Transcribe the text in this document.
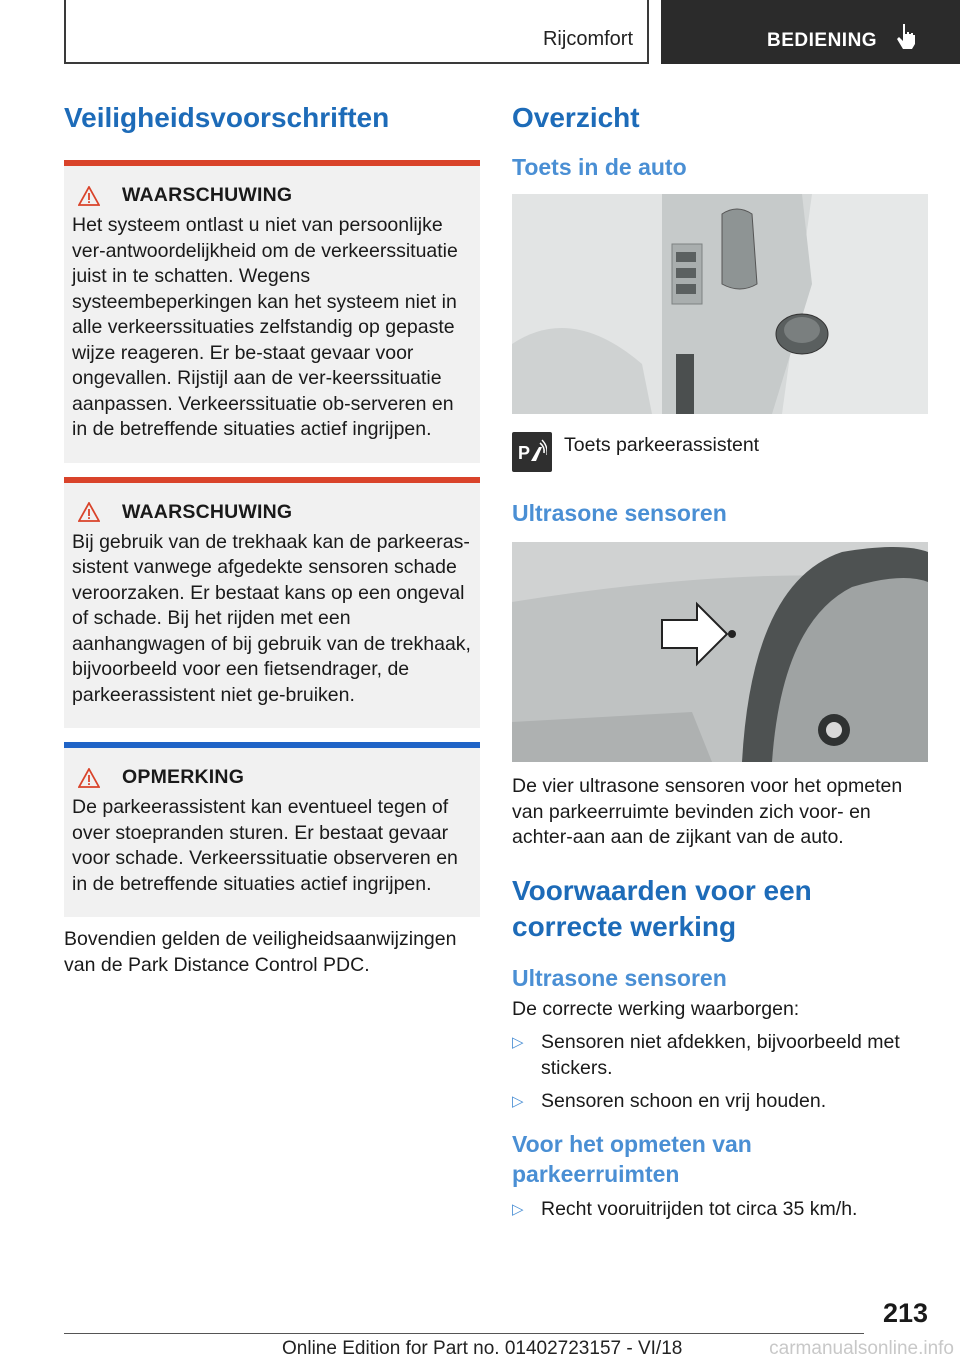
Rijcomfort	BEDIENING
Veiligheidsvoorschriften
WAARSCHUWING

Het systeem ontlast u niet van persoonlijke ver-antwoordelijkheid om de verkeerssituatie juist in te schatten. Wegens systeembeperkingen kan het systeem niet in alle verkeerssituaties zelfstandig op gepaste wijze reageren. Er be-staat gevaar voor ongevallen. Rijstijl aan de ver-keerssituatie aanpassen. Verkeerssituatie ob-serveren en in de betreffende situaties actief ingrijpen.

WAARSCHUWING

Bij gebruik van de trekhaak kan de parkeeras-sistent vanwege afgedekte sensoren schade veroorzaken. Er bestaat kans op een ongeval of schade. Bij het rijden met een aanhangwagen of bij gebruik van de trekhaak, bijvoorbeeld voor een fietsendrager, de parkeerassistent niet ge-bruiken.

OPMERKING

De parkeerassistent kan eventueel tegen of over stoepranden sturen. Er bestaat gevaar voor schade. Verkeerssituatie observeren en in de betreffende situaties actief ingrijpen.

Bovendien gelden de veiligheidsaanwijzingen van de Park Distance Control PDC.

Overzicht
Toets in de auto
P Toets parkeerassistent
Ultrasone sensoren

De vier ultrasone sensoren voor het opmeten van parkeerruimte bevinden zich voor- en achter-aan aan de zijkant van de auto.

Voorwaarden voor een correcte werking
Ultrasone sensoren

De correcte werking waarborgen:

▷ Sensoren niet afdekken, bijvoorbeeld met stickers.
▷ Sensoren schoon en vrij houden.
Voor het opmeten van parkeerruimten
▷ Recht vooruitrijden tot circa 35 km/h.
213
Online Edition for Part no. 01402723157 - VI/18	carmanualsonline.info
